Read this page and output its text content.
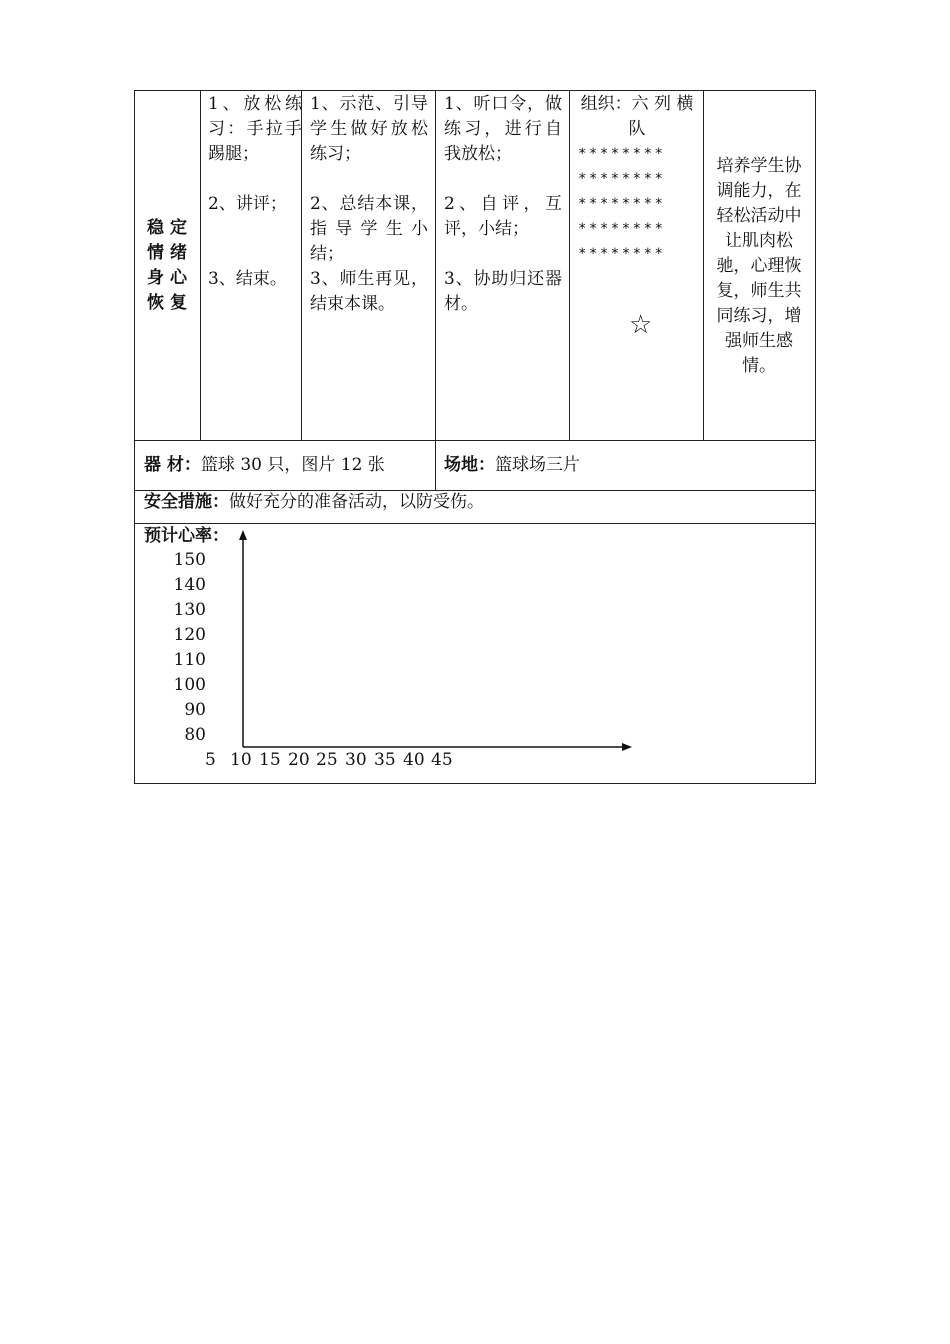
稳 定
情 绪
身 心
恢 复
1、放松练习：手拉手踢腿；
2、讲评；
3、结束。
1、示范、引导学生做好放松练习；
2、总结本课，指导学生小结；
3、师生再见，结束本课。
1、听口令，做练习，进行自我放松；
2、自评，互评，小结；
3、协助归还器材。
组织：六 列 横 队
********
********
********
********
********
☆
培养学生协调能力，在轻松活动中让肌肉松驰，心理恢复，师生共同练习，增强师生感情。
器 材：篮球 30 只，图片 12 张	场地：篮球场三片
安全措施：做好充分的准备活动，以防受伤。
预计心率：
150
140
130
120
110
100
90
80
5 10 15 20 25 30 35 40 45
